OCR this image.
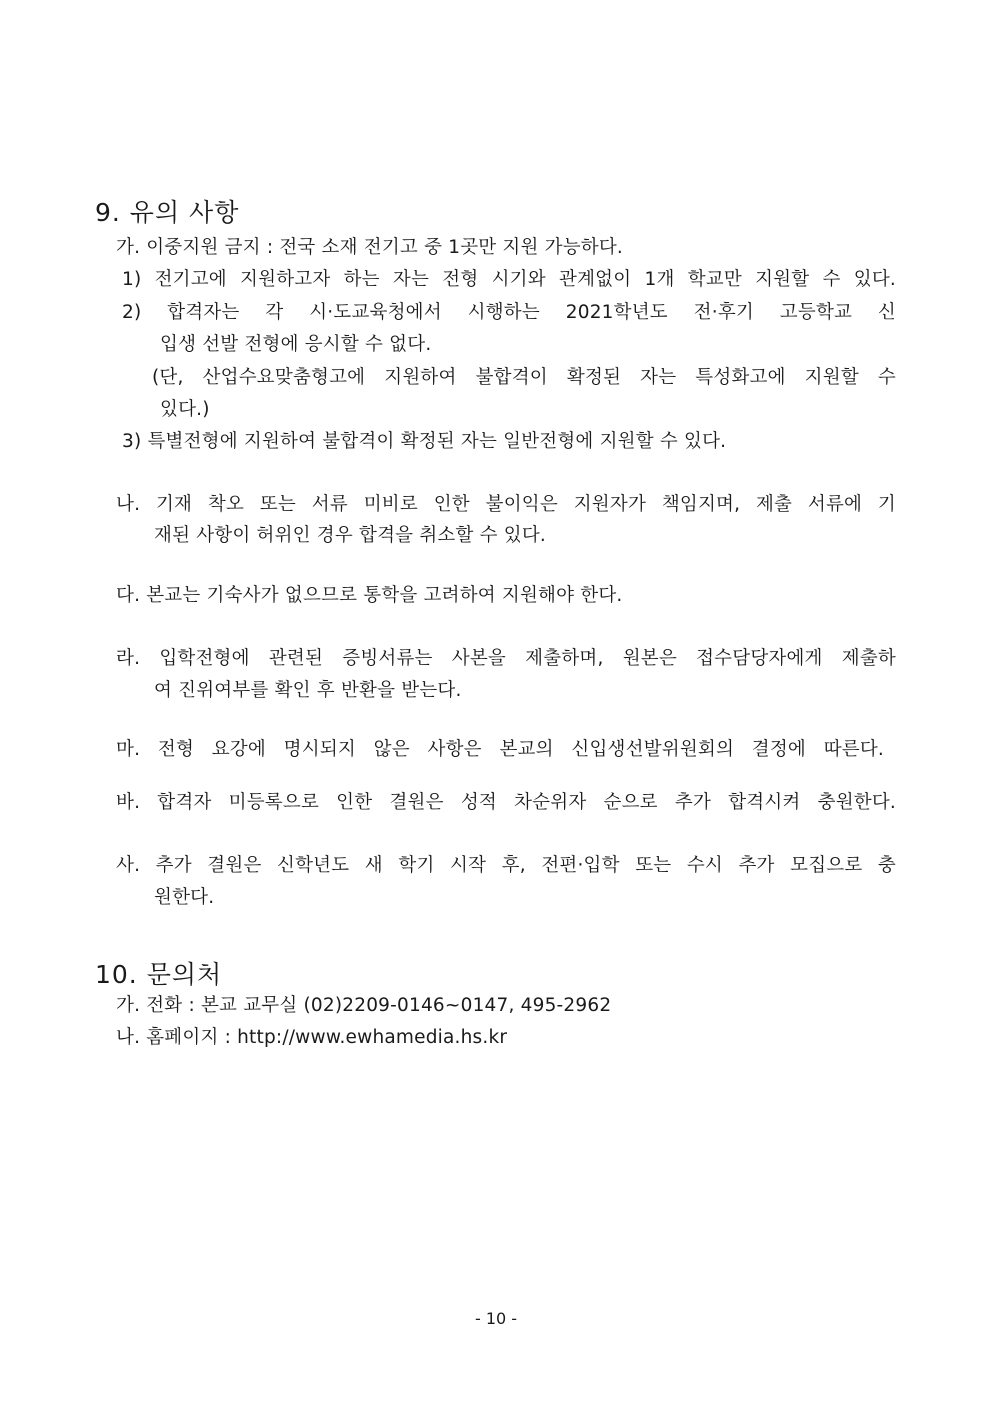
9. 유의 사항
가. 이중지원 금지 : 전국 소재 전기고 중 1곳만 지원 가능하다.
1) 전기고에 지원하고자 하는 자는 전형 시기와 관계없이 1개 학교만 지원할 수 있다.
2) 합격자는 각 시·도교육청에서 시행하는 2021학년도 전·후기 고등학교 신
입생 선발 전형에 응시할 수 없다.
(단, 산업수요맞춤형고에 지원하여 불합격이 확정된 자는 특성화고에 지원할 수
있다.)
3) 특별전형에 지원하여 불합격이 확정된 자는 일반전형에 지원할 수 있다.
나. 기재 착오 또는 서류 미비로 인한 불이익은 지원자가 책임지며, 제출 서류에 기
재된 사항이 허위인 경우 합격을 취소할 수 있다.
다. 본교는 기숙사가 없으므로 통학을 고려하여 지원해야 한다.
라. 입학전형에 관련된 증빙서류는 사본을 제출하며, 원본은 접수담당자에게 제출하
여 진위여부를 확인 후 반환을 받는다.
마. 전형 요강에 명시되지 않은 사항은 본교의 신입생선발위원회의 결정에 따른다.
바. 합격자 미등록으로 인한 결원은 성적 차순위자 순으로 추가 합격시켜 충원한다.
사. 추가 결원은 신학년도 새 학기 시작 후, 전편·입학 또는 수시 추가 모집으로 충
원한다.
10. 문의처
가. 전화 : 본교 교무실 (02)2209-0146~0147, 495-2962
나. 홈페이지 : http://www.ewhamedia.hs.kr
- 10 -
